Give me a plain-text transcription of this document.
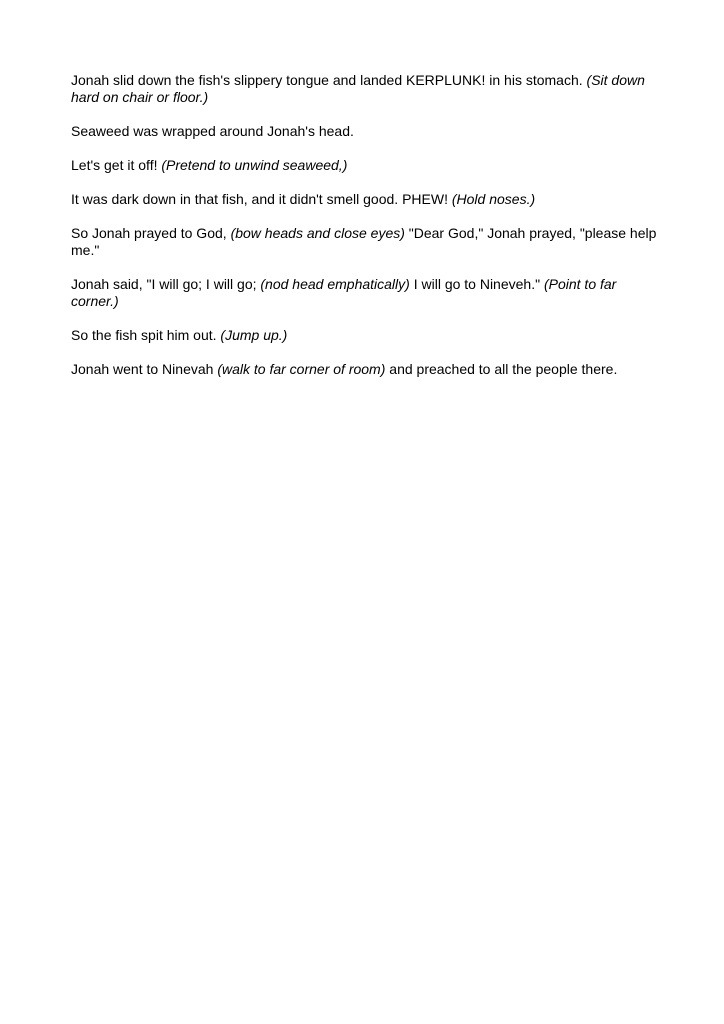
Jonah slid down the fish's slippery tongue and landed KERPLUNK! in his stomach. (Sit down hard on chair or floor.)

Seaweed was wrapped around Jonah's head.

Let's get it off! (Pretend to unwind seaweed,)

It was dark down in that fish, and it didn't smell good. PHEW! (Hold noses.)

So Jonah prayed to God, (bow heads and close eyes) "Dear God," Jonah prayed, "please help me."

Jonah said, "I will go; I will go; (nod head emphatically) I will go to Nineveh." (Point to far corner.)

So the fish spit him out. (Jump up.)

Jonah went to Ninevah (walk to far corner of room) and preached to all the people there.
